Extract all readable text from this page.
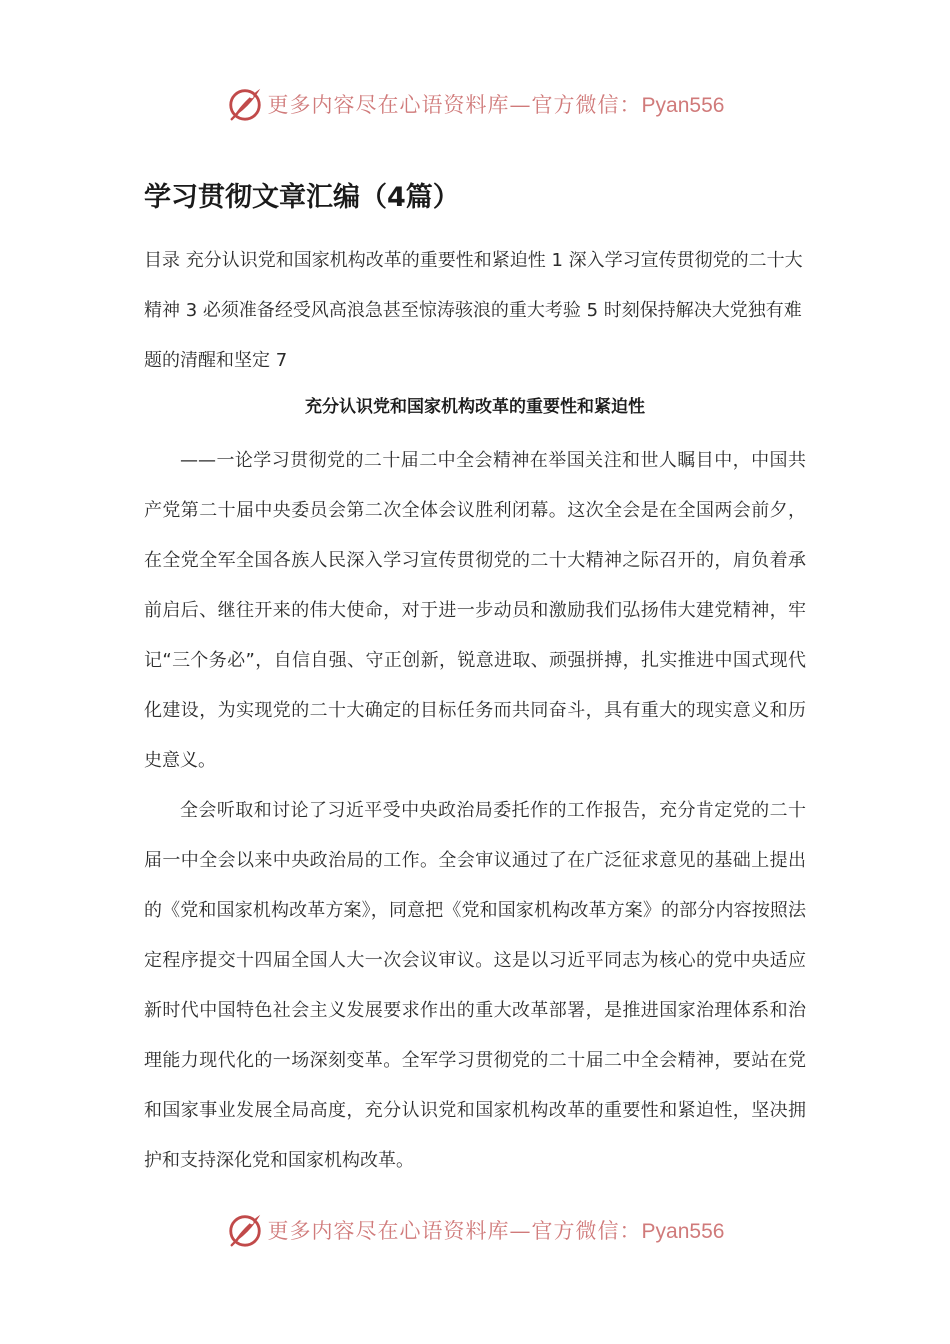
更多内容尽在心语资料库—官方微信：Pyan556
学习贯彻文章汇编（4篇）

目录 充分认识党和国家机构改革的重要性和紧迫性 1 深入学习宣传贯彻党的二十大精神 3 必须准备经受风高浪急甚至惊涛骇浪的重大考验 5 时刻保持解决大党独有难题的清醒和坚定 7

充分认识党和国家机构改革的重要性和紧迫性

——一论学习贯彻党的二十届二中全会精神在举国关注和世人瞩目中，中国共产党第二十届中央委员会第二次全体会议胜利闭幕。这次全会是在全国两会前夕，在全党全军全国各族人民深入学习宣传贯彻党的二十大精神之际召开的，肩负着承前启后、继往开来的伟大使命，对于进一步动员和激励我们弘扬伟大建党精神，牢记“三个务必”，自信自强、守正创新，锐意进取、顽强拼搏，扎实推进中国式现代化建设，为实现党的二十大确定的目标任务而共同奋斗，具有重大的现实意义和历史意义。

全会听取和讨论了习近平受中央政治局委托作的工作报告，充分肯定党的二十届一中全会以来中央政治局的工作。全会审议通过了在广泛征求意见的基础上提出的《党和国家机构改革方案》，同意把《党和国家机构改革方案》的部分内容按照法定程序提交十四届全国人大一次会议审议。这是以习近平同志为核心的党中央适应新时代中国特色社会主义发展要求作出的重大改革部署，是推进国家治理体系和治理能力现代化的一场深刻变革。全军学习贯彻党的二十届二中全会精神，要站在党和国家事业发展全局高度，充分认识党和国家机构改革的重要性和紧迫性，坚决拥护和支持深化党和国家机构改革。

更多内容尽在心语资料库—官方微信：Pyan556
